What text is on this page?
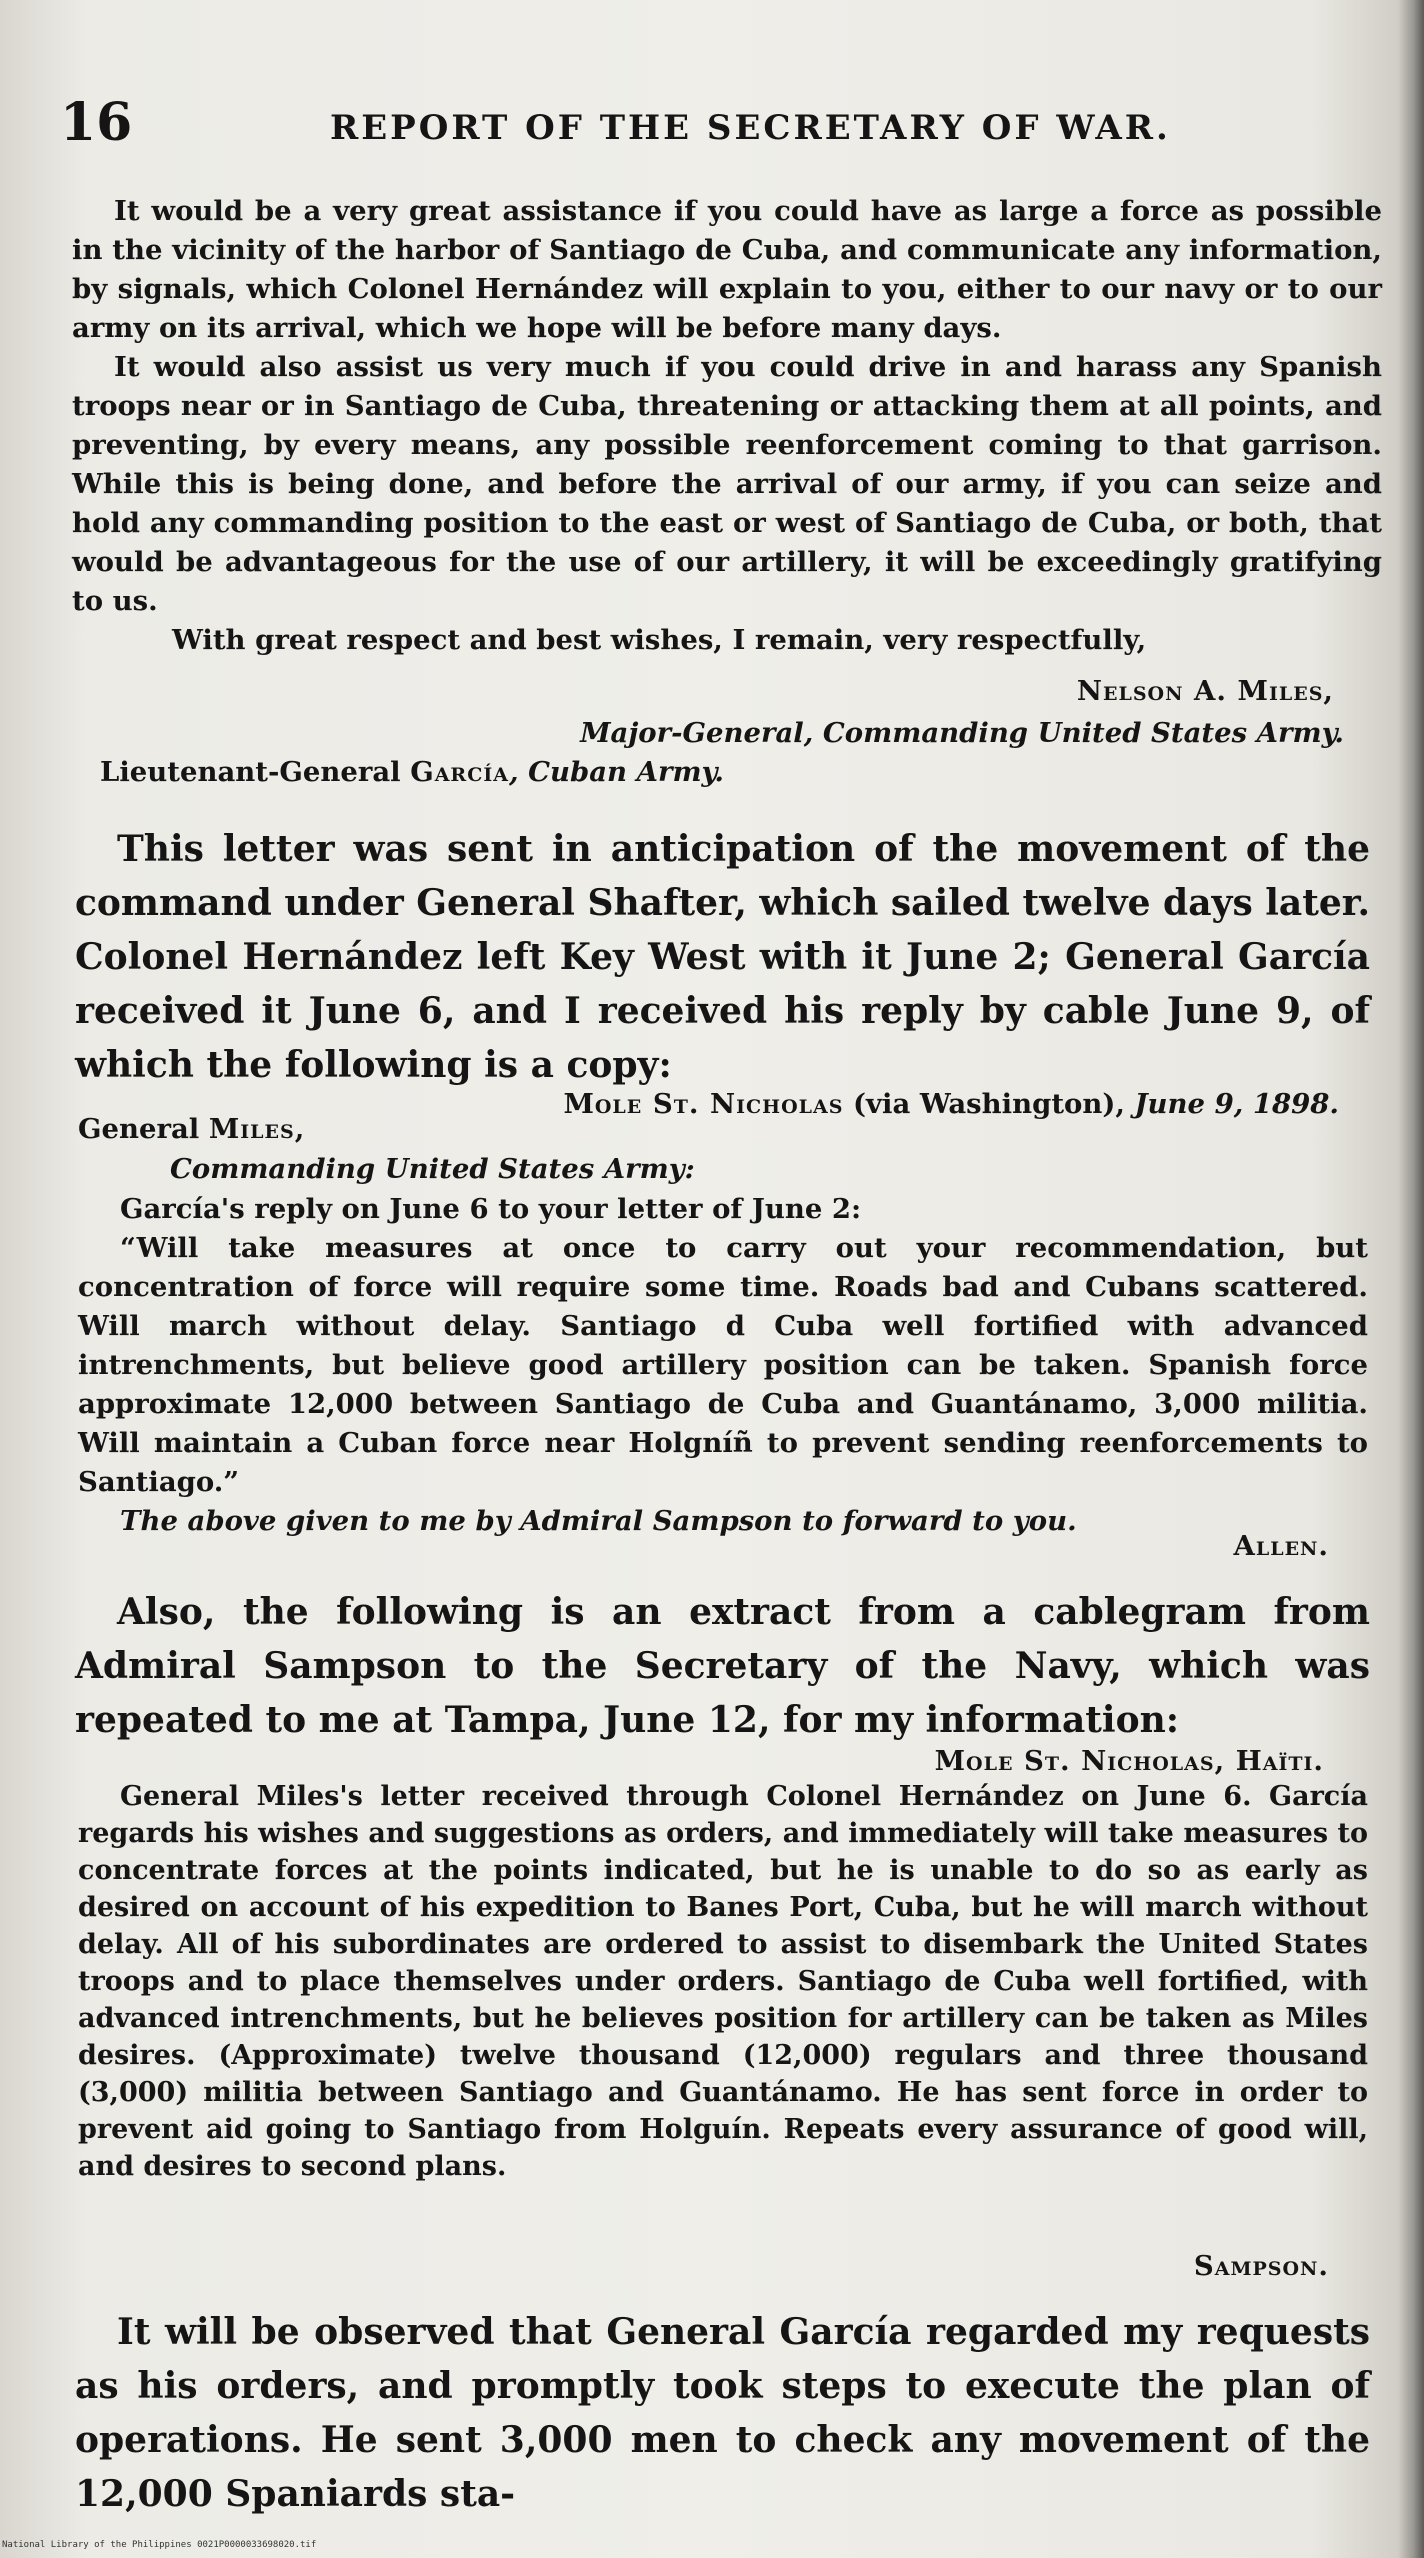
16	REPORT OF THE SECRETARY OF WAR.

It would be a very great assistance if you could have as large a force as possible in the vicinity of the harbor of Santiago de Cuba, and communicate any information, by signals, which Colonel Hernández will explain to you, either to our navy or to our army on its arrival, which we hope will be before many days.

It would also assist us very much if you could drive in and harass any Spanish troops near or in Santiago de Cuba, threatening or attacking them at all points, and preventing, by every means, any possible reenforcement coming to that garrison. While this is being done, and before the arrival of our army, if you can seize and hold any commanding position to the east or west of Santiago de Cuba, or both, that would be advantageous for the use of our artillery, it will be exceedingly gratifying to us.

With great respect and best wishes, I remain, very respectfully,

Nelson A. Miles,
Major-General, Commanding United States Army.
Lieutenant-General García, Cuban Army.
This letter was sent in anticipation of the movement of the command under General Shafter, which sailed twelve days later. Colonel Hernández left Key West with it June 2; General García received it June 6, and I received his reply by cable June 9, of which the following is a copy:
Mole St. Nicholas (via Washington), June 9, 1898.
General Miles,
Commanding United States Army:

García's reply on June 6 to your letter of June 2:

“Will take measures at once to carry out your recommendation, but concentration of force will require some time. Roads bad and Cubans scattered. Will march without delay. Santiago d Cuba well fortified with advanced intrenchments, but believe good artillery position can be taken. Spanish force approximate 12,000 between Santiago de Cuba and Guantánamo, 3,000 militia. Will maintain a Cuban force near Holgníñ to prevent sending reenforcements to Santiago.”

The above given to me by Admiral Sampson to forward to you.

Allen.
Also, the following is an extract from a cablegram from Admiral Sampson to the Secretary of the Navy, which was repeated to me at Tampa, June 12, for my information:
Mole St. Nicholas, Haïti.
General Miles's letter received through Colonel Hernández on June 6. García regards his wishes and suggestions as orders, and immediately will take measures to concentrate forces at the points indicated, but he is unable to do so as early as desired on account of his expedition to Banes Port, Cuba, but he will march without delay. All of his subordinates are ordered to assist to disembark the United States troops and to place themselves under orders. Santiago de Cuba well fortified, with advanced intrenchments, but he believes position for artillery can be taken as Miles desires. (Approximate) twelve thousand (12,000) regulars and three thousand (3,000) militia between Santiago and Guantánamo. He has sent force in order to prevent aid going to Santiago from Holguín. Repeats every assurance of good will, and desires to second plans.
Sampson.
It will be observed that General García regarded my requests as his orders, and promptly took steps to execute the plan of operations. He sent 3,000 men to check any movement of the 12,000 Spaniards sta-
National Library of the Philippines 0021P0000033698020.tif
